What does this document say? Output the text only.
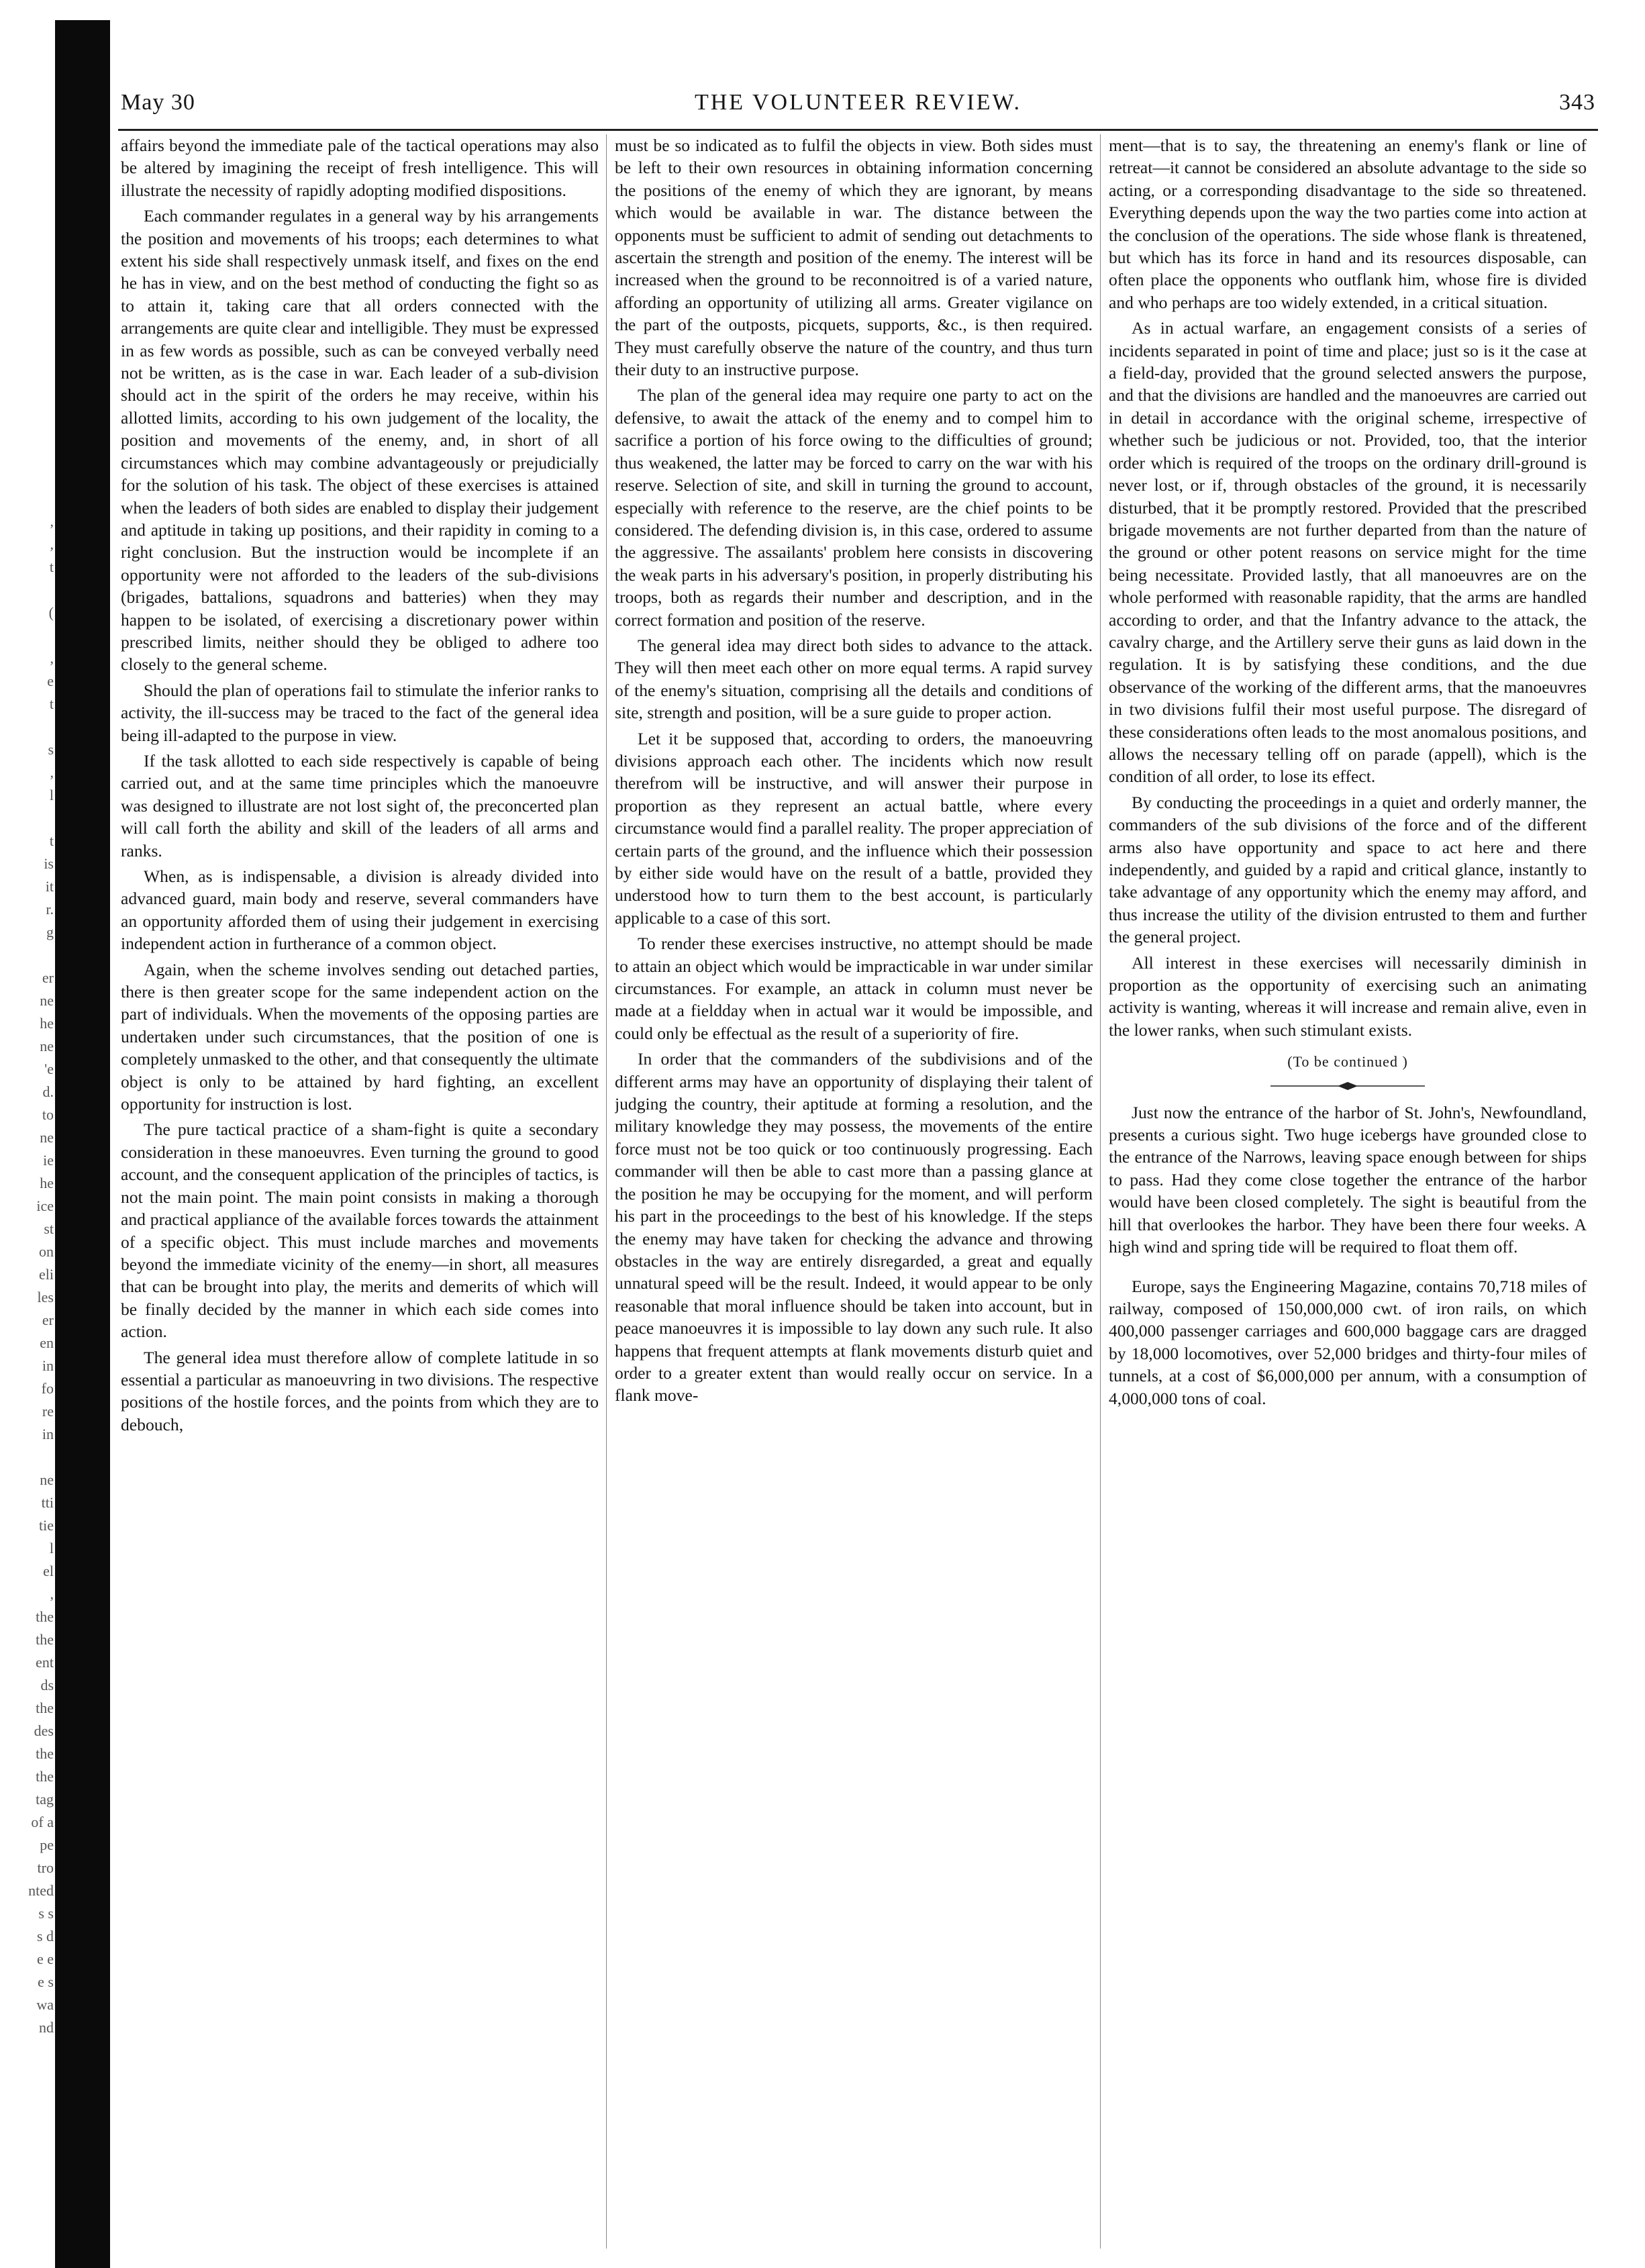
,
,
t

(

,
e
t

s
,
l

t
is
it
r.
g

er
ne
he
ne
'e
d.
to
ne
ie
he
ice
st
on
eli
les
er
en
in
fo
re
in

ne
tti
tie
l
el
,
the
the
ent
ds
the
des
the
the
tag
of a
pe
tro
nted
s s
s d
e e
e s
wa
nd
May 30	THE VOLUNTEER REVIEW.	343

affairs beyond the immediate pale of the tactical operations may also be altered by imagining the receipt of fresh intelligence. This will illustrate the necessity of rapidly adopting modified dispositions.

Each commander regulates in a general way by his arrangements the position and movements of his troops; each determines to what extent his side shall respectively unmask itself, and fixes on the end he has in view, and on the best method of conducting the fight so as to attain it, taking care that all orders connected with the arrangements are quite clear and intelligible. They must be expressed in as few words as possible, such as can be conveyed verbally need not be written, as is the case in war. Each leader of a sub-division should act in the spirit of the orders he may receive, within his allotted limits, according to his own judgement of the locality, the position and movements of the enemy, and, in short of all circumstances which may combine advantageously or prejudicially for the solution of his task. The object of these exercises is attained when the leaders of both sides are enabled to display their judgement and aptitude in taking up positions, and their rapidity in coming to a right conclusion. But the instruction would be incomplete if an opportunity were not afforded to the leaders of the sub-divisions (brigades, battalions, squadrons and batteries) when they may happen to be isolated, of exercising a discretionary power within prescribed limits, neither should they be obliged to adhere too closely to the general scheme.

Should the plan of operations fail to stimulate the inferior ranks to activity, the ill-success may be traced to the fact of the general idea being ill-adapted to the purpose in view.

If the task allotted to each side respectively is capable of being carried out, and at the same time principles which the manoeuvre was designed to illustrate are not lost sight of, the preconcerted plan will call forth the ability and skill of the leaders of all arms and ranks.

When, as is indispensable, a division is already divided into advanced guard, main body and reserve, several commanders have an opportunity afforded them of using their judgement in exercising independent action in furtherance of a common object.

Again, when the scheme involves sending out detached parties, there is then greater scope for the same independent action on the part of individuals. When the movements of the opposing parties are undertaken under such circumstances, that the position of one is completely unmasked to the other, and that consequently the ultimate object is only to be attained by hard fighting, an excellent opportunity for instruction is lost.

The pure tactical practice of a sham-fight is quite a secondary consideration in these manoeuvres. Even turning the ground to good account, and the consequent application of the principles of tactics, is not the main point. The main point consists in making a thorough and practical appliance of the available forces towards the attainment of a specific object. This must include marches and movements beyond the immediate vicinity of the enemy—in short, all measures that can be brought into play, the merits and demerits of which will be finally decided by the manner in which each side comes into action.

The general idea must therefore allow of complete latitude in so essential a particular as manoeuvring in two divisions. The respective positions of the hostile forces, and the points from which they are to debouch,

must be so indicated as to fulfil the objects in view. Both sides must be left to their own resources in obtaining information concerning the positions of the enemy of which they are ignorant, by means which would be available in war. The distance between the opponents must be sufficient to admit of sending out detachments to ascertain the strength and position of the enemy. The interest will be increased when the ground to be reconnoitred is of a varied nature, affording an opportunity of utilizing all arms. Greater vigilance on the part of the outposts, picquets, supports, &c., is then required. They must carefully observe the nature of the country, and thus turn their duty to an instructive purpose.

The plan of the general idea may require one party to act on the defensive, to await the attack of the enemy and to compel him to sacrifice a portion of his force owing to the difficulties of ground; thus weakened, the latter may be forced to carry on the war with his reserve. Selection of site, and skill in turning the ground to account, especially with reference to the reserve, are the chief points to be considered. The defending division is, in this case, ordered to assume the aggressive. The assailants' problem here consists in discovering the weak parts in his adversary's position, in properly distributing his troops, both as regards their number and description, and in the correct formation and position of the reserve.

The general idea may direct both sides to advance to the attack. They will then meet each other on more equal terms. A rapid survey of the enemy's situation, comprising all the details and conditions of site, strength and position, will be a sure guide to proper action.

Let it be supposed that, according to orders, the manoeuvring divisions approach each other. The incidents which now result therefrom will be instructive, and will answer their purpose in proportion as they represent an actual battle, where every circumstance would find a parallel reality. The proper appreciation of certain parts of the ground, and the influence which their possession by either side would have on the result of a battle, provided they understood how to turn them to the best account, is particularly applicable to a case of this sort.

To render these exercises instructive, no attempt should be made to attain an object which would be impracticable in war under similar circumstances. For example, an attack in column must never be made at a fieldday when in actual war it would be impossible, and could only be effectual as the result of a superiority of fire.

In order that the commanders of the subdivisions and of the different arms may have an opportunity of displaying their talent of judging the country, their aptitude at forming a resolution, and the military knowledge they may possess, the movements of the entire force must not be too quick or too continuously progressing. Each commander will then be able to cast more than a passing glance at the position he may be occupying for the moment, and will perform his part in the proceedings to the best of his knowledge. If the steps the enemy may have taken for checking the advance and throwing obstacles in the way are entirely disregarded, a great and equally unnatural speed will be the result. Indeed, it would appear to be only reasonable that moral influence should be taken into account, but in peace manoeuvres it is impossible to lay down any such rule. It also happens that frequent attempts at flank movements disturb quiet and order to a greater extent than would really occur on service. In a flank move-

ment—that is to say, the threatening an enemy's flank or line of retreat—it cannot be considered an absolute advantage to the side so acting, or a corresponding disadvantage to the side so threatened. Everything depends upon the way the two parties come into action at the conclusion of the operations. The side whose flank is threatened, but which has its force in hand and its resources disposable, can often place the opponents who outflank him, whose fire is divided and who perhaps are too widely extended, in a critical situation.

As in actual warfare, an engagement consists of a series of incidents separated in point of time and place; just so is it the case at a field-day, provided that the ground selected answers the purpose, and that the divisions are handled and the manoeuvres are carried out in detail in accordance with the original scheme, irrespective of whether such be judicious or not. Provided, too, that the interior order which is required of the troops on the ordinary drill-ground is never lost, or if, through obstacles of the ground, it is necessarily disturbed, that it be promptly restored. Provided that the prescribed brigade movements are not further departed from than the nature of the ground or other potent reasons on service might for the time being necessitate. Provided lastly, that all manoeuvres are on the whole performed with reasonable rapidity, that the arms are handled according to order, and that the Infantry advance to the attack, the cavalry charge, and the Artillery serve their guns as laid down in the regulation. It is by satisfying these conditions, and the due observance of the working of the different arms, that the manoeuvres in two divisions fulfil their most useful purpose. The disregard of these considerations often leads to the most anomalous positions, and allows the necessary telling off on parade (appell), which is the condition of all order, to lose its effect.

By conducting the proceedings in a quiet and orderly manner, the commanders of the sub divisions of the force and of the different arms also have opportunity and space to act here and there independently, and guided by a rapid and critical glance, instantly to take advantage of any opportunity which the enemy may afford, and thus increase the utility of the division entrusted to them and further the general project.

All interest in these exercises will necessarily diminish in proportion as the opportunity of exercising such an animating activity is wanting, whereas it will increase and remain alive, even in the lower ranks, when such stimulant exists.

(To be continued )

Just now the entrance of the harbor of St. John's, Newfoundland, presents a curious sight. Two huge icebergs have grounded close to the entrance of the Narrows, leaving space enough between for ships to pass. Had they come close together the entrance of the harbor would have been closed completely. The sight is beautiful from the hill that overlookes the harbor. They have been there four weeks. A high wind and spring tide will be required to float them off.

Europe, says the Engineering Magazine, contains 70,718 miles of railway, composed of 150,000,000 cwt. of iron rails, on which 400,000 passenger carriages and 600,000 baggage cars are dragged by 18,000 locomotives, over 52,000 bridges and thirty-four miles of tunnels, at a cost of $6,000,000 per annum, with a consumption of 4,000,000 tons of coal.
